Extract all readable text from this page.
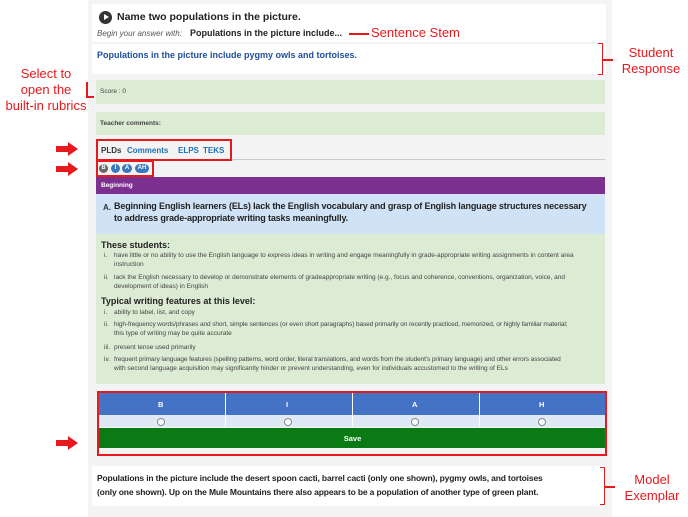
Name two populations in the picture.
Begin your answer with: Populations in the picture include...
Populations in the picture include pygmy owls and tortoises.
Score : 0
Teacher comments:
PLDs Comments ELPS TEKS
B	I	A	AH
Beginning
A. Beginning English learners (ELs) lack the English vocabulary and grasp of English language structures necessary
to address grade-appropriate writing tasks meaningfully.
These students:
i. have little or no ability to use the English language to express ideas in writing and engage meaningfully in grade-appropriate writing assignments in content area
instruction
ii. lack the English necessary to develop or demonstrate elements of gradeappropriate writing (e.g., focus and coherence, conventions, organization, voice, and
development of ideas) in English
Typical writing features at this level:
i. ability to label, list, and copy
ii. high-frequency words/phrases and short, simple sentences (or even short paragraphs) based primarily on recently practiced, memorized, or highly familiar material;
this type of writing may be quite accurate
iii. present tense used primarily
iv. frequent primary language features (spelling patterns, word order, literal translations, and words from the student's primary language) and other errors associated
with second language acquisition may significantly hinder or prevent understanding, even for individuals accustomed to the writing of ELs
B	I	A	H
Save
Populations in the picture include the desert spoon cacti, barrel cacti (only one shown), pygmy owls, and tortoises
(only one shown). Up on the Mule Mountains there also appears to be a population of another type of green plant.
Sentence Stem
Student
Response
Select to
open the
built-in rubrics
Model
Exemplar
